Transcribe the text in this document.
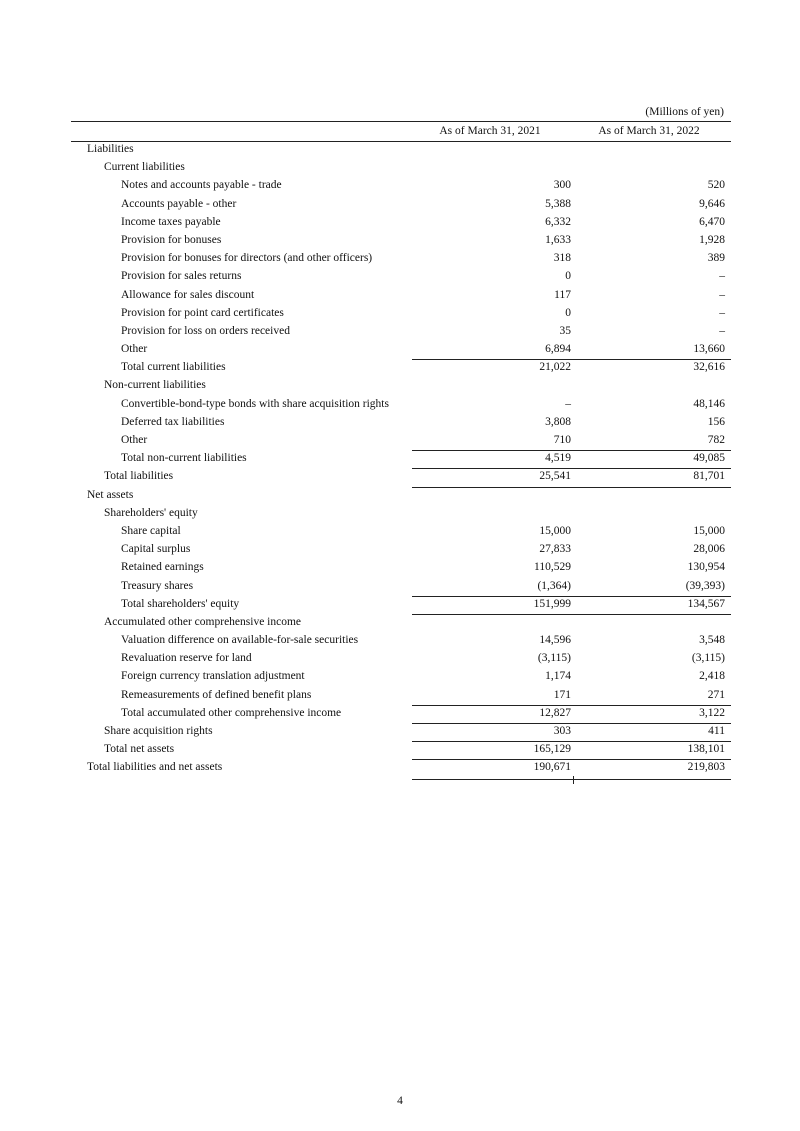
(Millions of yen)
As of March 31, 2021	As of March 31, 2022
Liabilities
Current liabilities
Notes and accounts payable - trade	300	520
Accounts payable - other	5,388	9,646
Income taxes payable	6,332	6,470
Provision for bonuses	1,633	1,928
Provision for bonuses for directors (and other officers)	318	389
Provision for sales returns	0	–
Allowance for sales discount	117	–
Provision for point card certificates	0	–
Provision for loss on orders received	35	–
Other	6,894	13,660
Total current liabilities	21,022	32,616
Non-current liabilities
Convertible-bond-type bonds with share acquisition rights	–	48,146
Deferred tax liabilities	3,808	156
Other	710	782
Total non-current liabilities	4,519	49,085
Total liabilities	25,541	81,701
Net assets
Shareholders' equity
Share capital	15,000	15,000
Capital surplus	27,833	28,006
Retained earnings	110,529	130,954
Treasury shares	(1,364)	(39,393)
Total shareholders' equity	151,999	134,567
Accumulated other comprehensive income
Valuation difference on available-for-sale securities	14,596	3,548
Revaluation reserve for land	(3,115)	(3,115)
Foreign currency translation adjustment	1,174	2,418
Remeasurements of defined benefit plans	171	271
Total accumulated other comprehensive income	12,827	3,122
Share acquisition rights	303	411
Total net assets	165,129	138,101
Total liabilities and net assets	190,671	219,803
4
